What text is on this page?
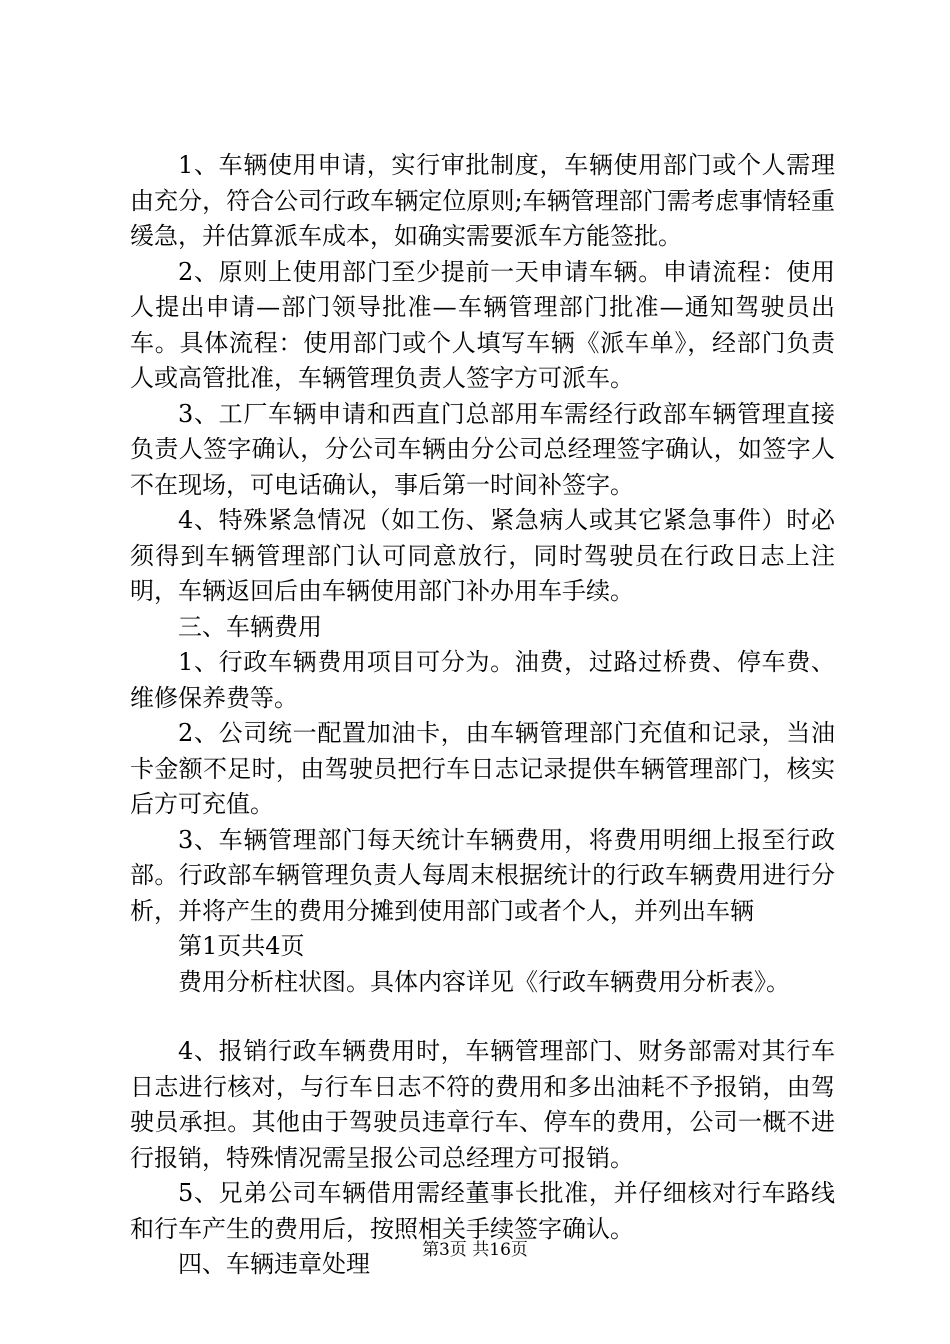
1、车辆使用申请，实行审批制度，车辆使用部门或个人需理由充分，符合公司行政车辆定位原则;车辆管理部门需考虑事情轻重缓急，并估算派车成本，如确实需要派车方能签批。

2、原则上使用部门至少提前一天申请车辆。申请流程：使用人提出申请—部门领导批准—车辆管理部门批准—通知驾驶员出车。具体流程：使用部门或个人填写车辆《派车单》，经部门负责人或高管批准，车辆管理负责人签字方可派车。

3、工厂车辆申请和西直门总部用车需经行政部车辆管理直接负责人签字确认，分公司车辆由分公司总经理签字确认，如签字人不在现场，可电话确认，事后第一时间补签字。

4、特殊紧急情况（如工伤、紧急病人或其它紧急事件）时必须得到车辆管理部门认可同意放行，同时驾驶员在行政日志上注明，车辆返回后由车辆使用部门补办用车手续。

三、车辆费用

1、行政车辆费用项目可分为。油费，过路过桥费、停车费、维修保养费等。

2、公司统一配置加油卡，由车辆管理部门充值和记录，当油卡金额不足时，由驾驶员把行车日志记录提供车辆管理部门，核实后方可充值。

3、车辆管理部门每天统计车辆费用，将费用明细上报至行政部。行政部车辆管理负责人每周末根据统计的行政车辆费用进行分析，并将产生的费用分摊到使用部门或者个人，并列出车辆

第1页共4页

费用分析柱状图。具体内容详见《行政车辆费用分析表》。

4、报销行政车辆费用时，车辆管理部门、财务部需对其行车日志进行核对，与行车日志不符的费用和多出油耗不予报销，由驾驶员承担。其他由于驾驶员违章行车、停车的费用，公司一概不进行报销，特殊情况需呈报公司总经理方可报销。

5、兄弟公司车辆借用需经董事长批准，并仔细核对行车路线和行车产生的费用后，按照相关手续签字确认。

四、车辆违章处理	第3页 共16页
